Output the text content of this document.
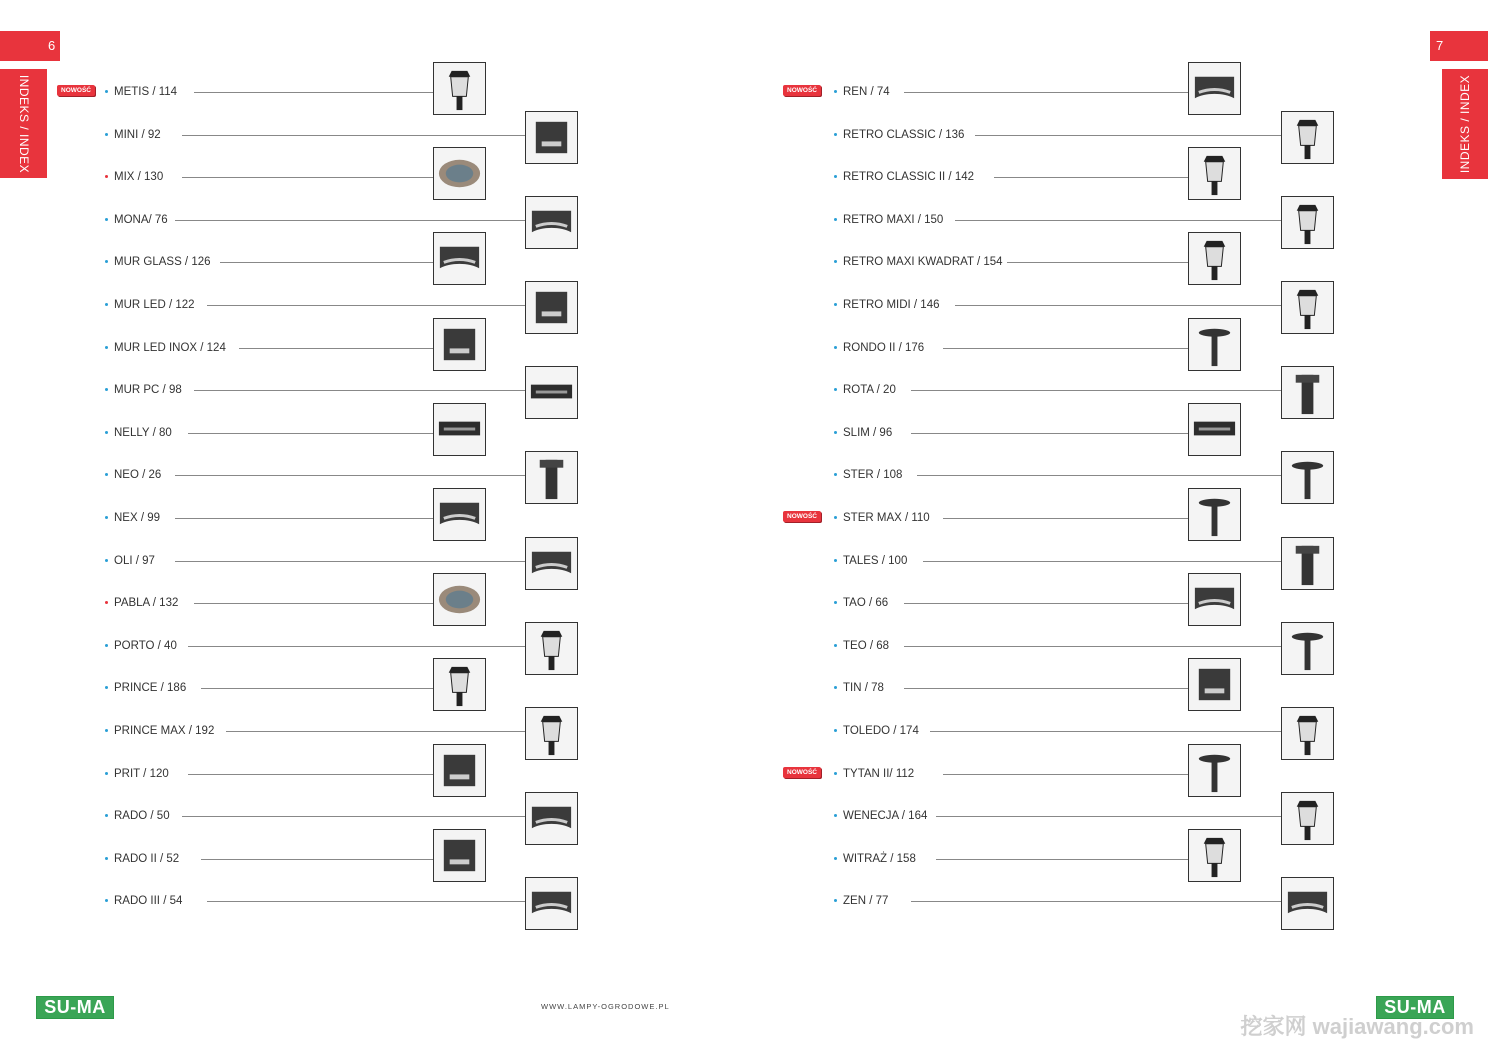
6
INDEKS / INDEX	NOWOŚĆ	METIS / 114
MINI / 92
MIX / 130
MONA/ 76
MUR GLASS / 126
MUR LED / 122
MUR LED INOX / 124
MUR PC / 98
NELLY / 80
NEO / 26
NEX / 99
OLI / 97
PABLA / 132
PORTO / 40
PRINCE / 186
PRINCE MAX / 192
PRIT / 120
RADO / 50
RADO II / 52
RADO III / 54
7
INDEKS / INDEX
NOWOŚĆ	REN / 74
RETRO CLASSIC / 136
RETRO CLASSIC II / 142
RETRO MAXI / 150
RETRO MAXI KWADRAT / 154
RETRO MIDI / 146
RONDO II / 176
ROTA / 20
SLIM / 96
STER / 108
NOWOŚĆ	STER MAX / 110
TALES / 100
TAO / 66
TEO / 68
TIN / 78
TOLEDO / 174
NOWOŚĆ	TYTAN II/ 112
WENECJA / 164
WITRAŻ / 158
ZEN / 77
SU-MA	WWW.LAMPY-OGRODOWE.PL	SU-MA
挖家网 wajiawang.com
